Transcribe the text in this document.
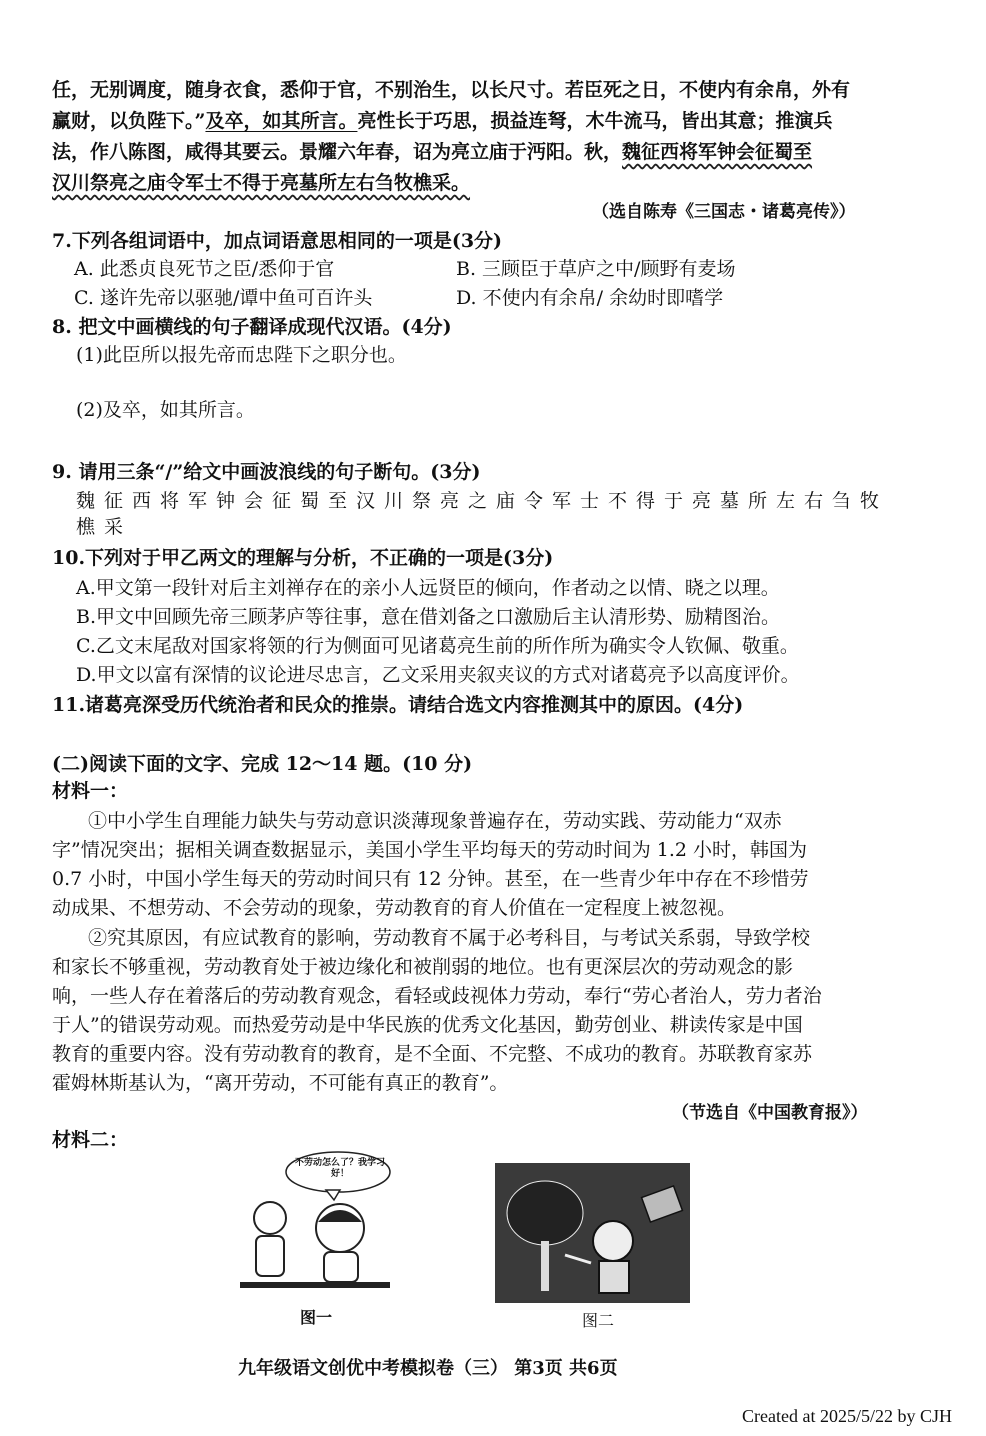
任，无别调度，随身衣食，悉仰于官，不别治生，以长尺寸。若臣死之日，不使内有余帛，外有
赢财，以负陛下。”及卒，如其所言。亮性长于巧思，损益连弩，木牛流马，皆出其意；推演兵
法，作八陈图，咸得其要云。景耀六年春，诏为亮立庙于沔阳。秋，魏征西将军钟会征蜀至
汉川祭亮之庙令军士不得于亮墓所左右刍牧樵采。
（选自陈寿《三国志・诸葛亮传》）
7.下列各组词语中，加点词语意思相同的一项是(3分)
A. 此悉贞良死节之臣/悉仰于官	B. 三顾臣于草庐之中/顾野有麦场
C. 遂许先帝以驱驰/谭中鱼可百许头	D. 不使内有余帛/ 余幼时即嗜学
8. 把文中画横线的句子翻译成现代汉语。(4分)
(1)此臣所以报先帝而忠陛下之职分也。
(2)及卒，如其所言。
9. 请用三条“/”给文中画波浪线的句子断句。(3分)
魏征西将军钟会征蜀至汉川祭亮之庙令军士不得于亮墓所左右刍牧
樵采
10.下列对于甲乙两文的理解与分析，不正确的一项是(3分)
A.甲文第一段针对后主刘禅存在的亲小人远贤臣的倾向，作者动之以情、晓之以理。
B.甲文中回顾先帝三顾茅庐等往事，意在借刘备之口激励后主认清形势、励精图治。
C.乙文末尾敌对国家将领的行为侧面可见诸葛亮生前的所作所为确实令人钦佩、敬重。
D.甲文以富有深情的议论进尽忠言，乙文采用夹叙夹议的方式对诸葛亮予以高度评价。
11.诸葛亮深受历代统治者和民众的推崇。请结合选文内容推测其中的原因。(4分)
(二)阅读下面的文字、完成 12～14 题。(10 分)
材料一：
①中小学生自理能力缺失与劳动意识淡薄现象普遍存在，劳动实践、劳动能力“双赤
字”情况突出；据相关调查数据显示，美国小学生平均每天的劳动时间为 1.2 小时，韩国为
0.7 小时，中国小学生每天的劳动时间只有 12 分钟。甚至，在一些青少年中存在不珍惜劳
动成果、不想劳动、不会劳动的现象，劳动教育的育人价值在一定程度上被忽视。
②究其原因，有应试教育的影响，劳动教育不属于必考科目，与考试关系弱，导致学校
和家长不够重视，劳动教育处于被边缘化和被削弱的地位。也有更深层次的劳动观念的影
响，一些人存在着落后的劳动教育观念，看轻或歧视体力劳动，奉行“劳心者治人，劳力者治
于人”的错误劳动观。而热爱劳动是中华民族的优秀文化基因，勤劳创业、耕读传家是中国
教育的重要内容。没有劳动教育的教育，是不全面、不完整、不成功的教育。苏联教育家苏
霍姆林斯基认为，“离开劳动，不可能有真正的教育”。
（节选自《中国教育报》）
材料二：
不劳动怎么了？我学习好！
图一	图二
九年级语文创优中考模拟卷（三） 第3页 共6页
Created at 2025/5/22 by CJH
